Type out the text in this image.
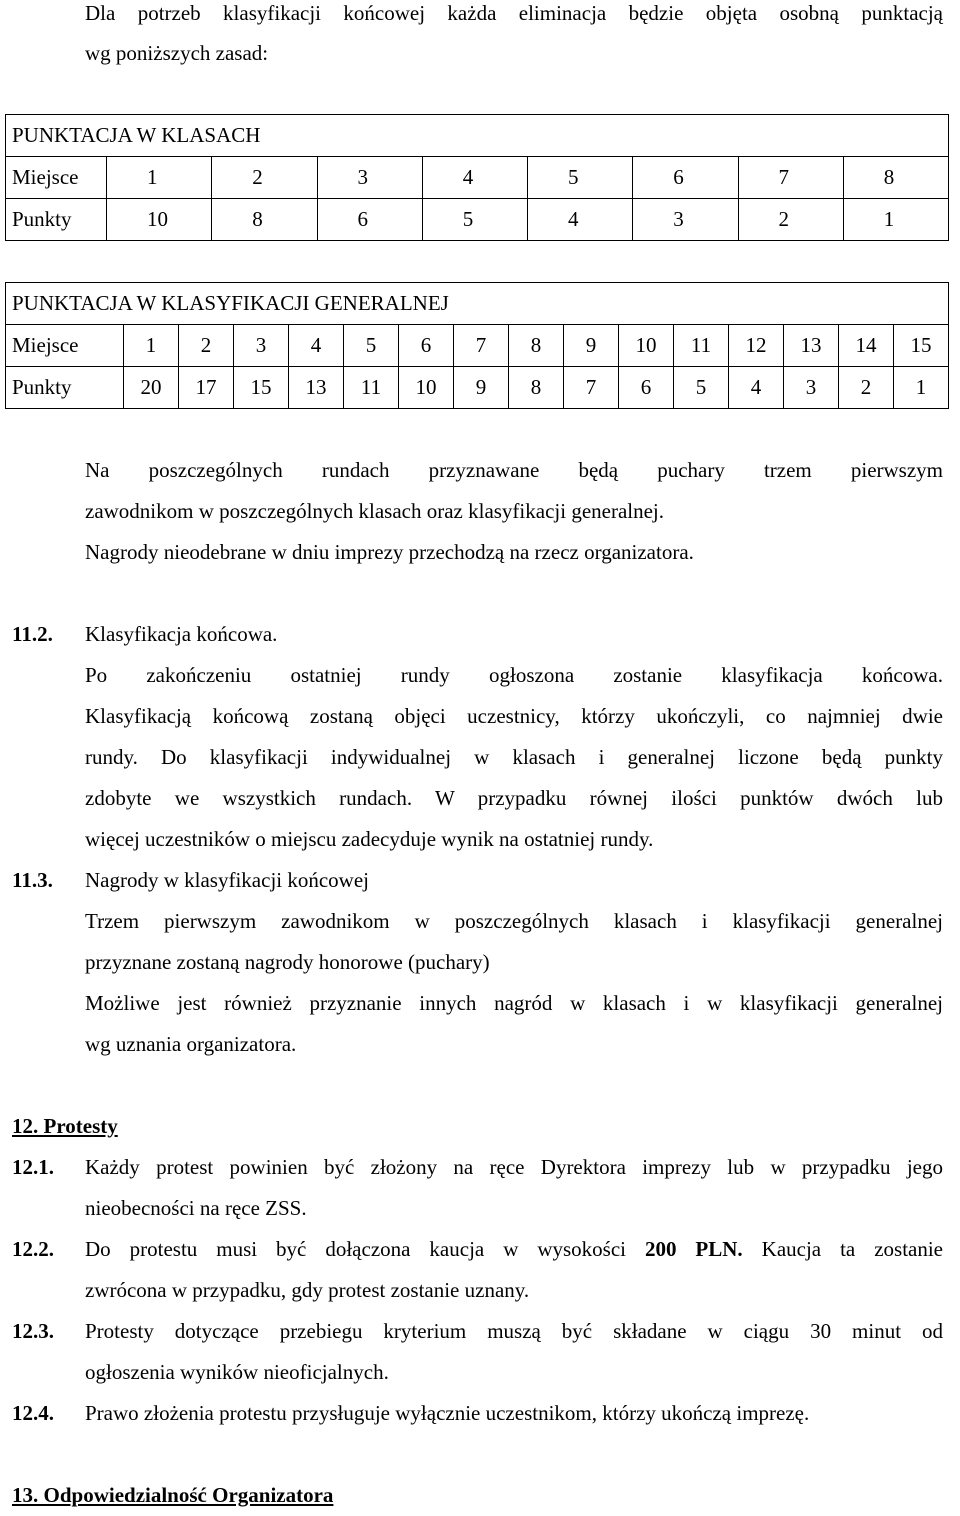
Dla potrzeb klasyfikacji końcowej każda eliminacja będzie objęta osobną punktacją
wg poniższych zasad:
PUNKTACJA W KLASACH								
Miejsce	1	2	3	4	5	6	7	8
Punkty	10	8	6	5	4	3	2	1
PUNKTACJA W KLASYFIKACJI GENERALNEJ															
Miejsce	1	2	3	4	5	6	7	8	9	10	11	12	13	14	15
Punkty	20	17	15	13	11	10	9	8	7	6	5	4	3	2	1
Na poszczególnych rundach przyznawane będą puchary trzem pierwszym
zawodnikom w poszczególnych klasach oraz klasyfikacji generalnej.
Nagrody nieodebrane w dniu imprezy przechodzą na rzecz organizatora.
11.2. Klasyfikacja końcowa.
Po zakończeniu ostatniej rundy ogłoszona zostanie klasyfikacja końcowa.
Klasyfikacją końcową zostaną objęci uczestnicy, którzy ukończyli, co najmniej dwie
rundy. Do klasyfikacji indywidualnej w klasach i generalnej liczone będą punkty
zdobyte we wszystkich rundach. W przypadku równej ilości punktów dwóch lub
więcej uczestników o miejscu zadecyduje wynik na ostatniej rundy.
11.3. Nagrody w klasyfikacji końcowej
Trzem pierwszym zawodnikom w poszczególnych klasach i klasyfikacji generalnej
przyznane zostaną nagrody honorowe (puchary)
Możliwe jest również przyznanie innych nagród w klasach i w klasyfikacji generalnej
wg uznania organizatora.
12. Protesty
12.1. Każdy protest powinien być złożony na ręce Dyrektora imprezy lub w przypadku jego
nieobecności na ręce ZSS.
12.2. Do protestu musi być dołączona kaucja w wysokości 200 PLN. Kaucja ta zostanie
zwrócona w przypadku, gdy protest zostanie uznany.
12.3. Protesty dotyczące przebiegu kryterium muszą być składane w ciągu 30 minut od
ogłoszenia wyników nieoficjalnych.
12.4. Prawo złożenia protestu przysługuje wyłącznie uczestnikom, którzy ukończą imprezę.
13. Odpowiedzialność Organizatora
